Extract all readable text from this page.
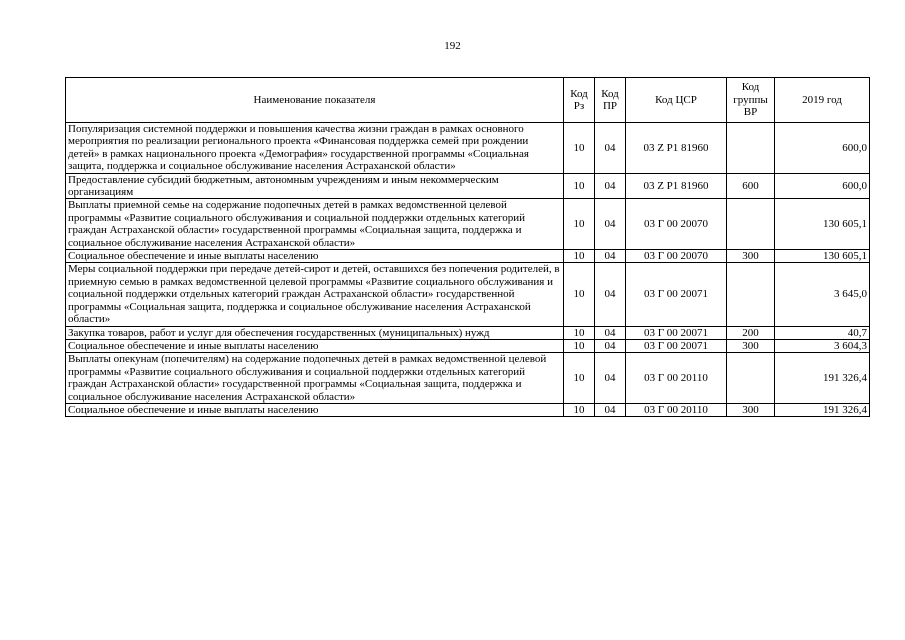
192
Наименование показателя	Код Рз	Код ПР	Код ЦСР	Код группы ВР	2019 год
Популяризация системной поддержки и повышения качества жизни граждан в рамках основного мероприятия по реализации регионального проекта «Финансовая поддержка семей при рождении детей» в рамках национального проекта «Демография» государственной программы «Социальная защита, поддержка и социальное обслуживание населения Астраханской области»	10	04	03 Z P1 81960		600,0
Предоставление субсидий бюджетным, автономным учреждениям и иным некоммерческим организациям	10	04	03 Z P1 81960	600	600,0
Выплаты приемной семье на содержание подопечных детей в рамках ведомственной целевой программы «Развитие социального обслуживания и социальной поддержки отдельных категорий граждан Астраханской области» государственной программы «Социальная защита, поддержка и социальное обслуживание населения Астраханской области»	10	04	03 Г 00 20070		130 605,1
Социальное обеспечение и иные выплаты населению	10	04	03 Г 00 20070	300	130 605,1
Меры социальной поддержки при передаче детей-сирот и детей, оставшихся без попечения родителей, в приемную семью в рамках ведомственной целевой программы «Развитие социального обслуживания и социальной поддержки отдельных категорий граждан Астраханской области» государственной программы «Социальная защита, поддержка и социальное обслуживание населения Астраханской области»	10	04	03 Г 00 20071		3 645,0
Закупка товаров, работ и услуг для обеспечения государственных (муниципальных) нужд	10	04	03 Г 00 20071	200	40,7
Социальное обеспечение и иные выплаты населению	10	04	03 Г 00 20071	300	3 604,3
Выплаты опекунам (попечителям) на содержание подопечных детей в рамках ведомственной целевой программы «Развитие социального обслуживания и социальной поддержки отдельных категорий граждан Астраханской области» государственной программы «Социальная защита, поддержка и социальное обслуживание населения Астраханской области»	10	04	03 Г 00 20110		191 326,4
Социальное обеспечение и иные выплаты населению	10	04	03 Г 00 20110	300	191 326,4
